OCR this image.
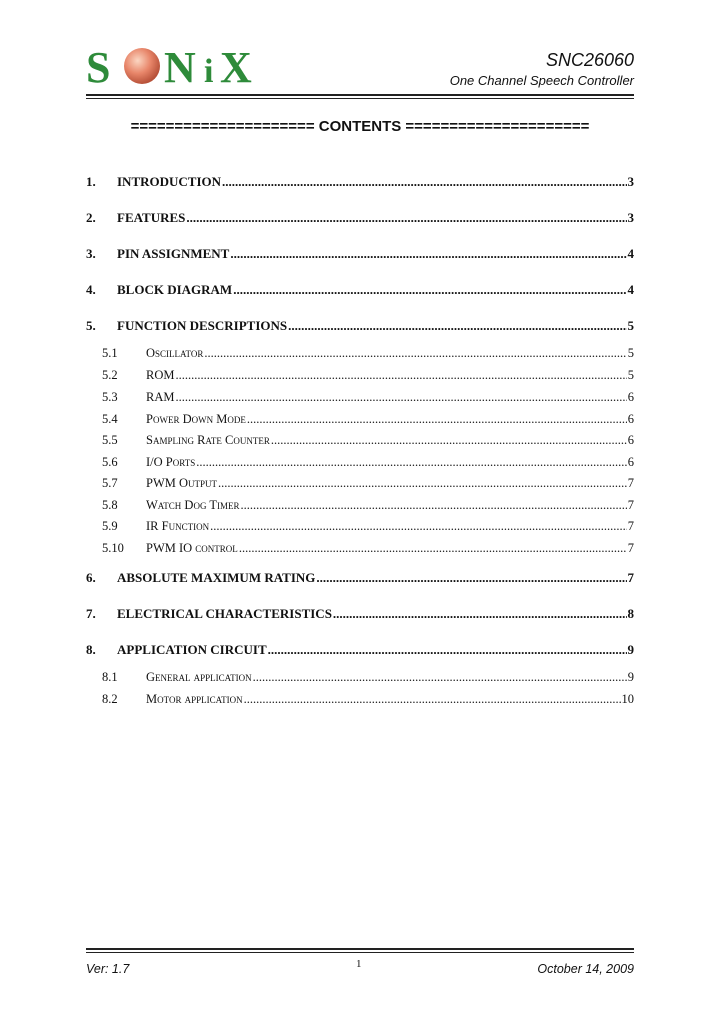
S N i X
SONiX
SNC26060
One Channel Speech Controller
===================== CONTENTS =====================
1.	INTRODUCTION .....	3
2.	FEATURES .....	3
3.	PIN ASSIGNMENT .....	4
4.	BLOCK DIAGRAM .....	4
5.	FUNCTION DESCRIPTIONS .....	5
5.1	Oscillator .....	5
5.2	ROM .....	5
5.3	RAM .....	6
5.4	Power Down Mode .....	6
5.5	Sampling Rate Counter .....	6
5.6	I/O Ports .....	6
5.7	PWM Output .....	7
5.8	Watch Dog Timer .....	7
5.9	IR Function .....	7
5.10	PWM IO control .....	7
6.	ABSOLUTE MAXIMUM RATING .....	7
7.	ELECTRICAL CHARACTERISTICS .....	8
8.	APPLICATION CIRCUIT .....	9
8.1	General application .....	9
8.2	Motor application .....	10
Ver: 1.7	1	October 14, 2009
